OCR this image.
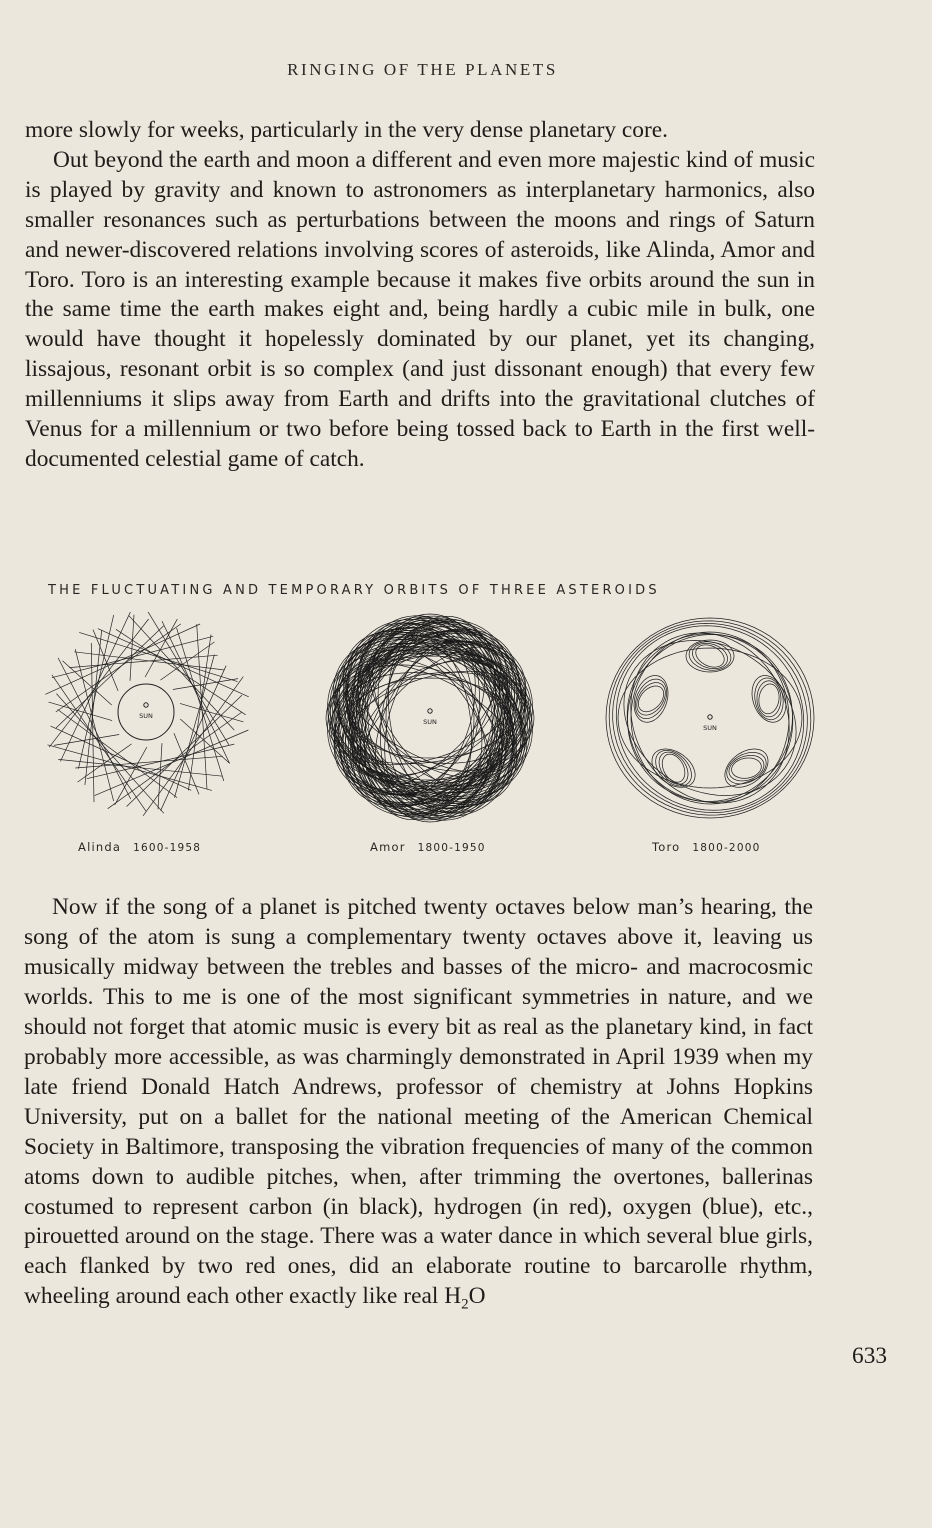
RINGING OF THE PLANETS

more slowly for weeks, particularly in the very dense planetary core.

Out beyond the earth and moon a different and even more majestic kind of music is played by gravity and known to astronomers as interplanetary harmonics, also smaller resonances such as perturbations between the moons and rings of Saturn and newer-discovered relations involving scores of asteroids, like Alinda, Amor and Toro. Toro is an interesting example because it makes five orbits around the sun in the same time the earth makes eight and, being hardly a cubic mile in bulk, one would have thought it hopelessly dominated by our planet, yet its changing, lissajous, resonant orbit is so complex (and just dissonant enough) that every few millenniums it slips away from Earth and drifts into the gravitational clutches of Venus for a millennium or two before being tossed back to Earth in the first well-documented celestial game of catch.

THE FLUCTUATING AND TEMPORARY ORBITS OF THREE ASTEROIDS
SUN
SUN
SUN
Alinda 1600-1958	Amor 1800-1950	Toro 1800-2000

Now if the song of a planet is pitched twenty octaves below man’s hearing, the song of the atom is sung a complementary twenty octaves above it, leaving us musically midway between the trebles and basses of the micro- and macrocosmic worlds. This to me is one of the most significant symmetries in nature, and we should not forget that atomic music is every bit as real as the planetary kind, in fact probably more accessible, as was charmingly demonstrated in April 1939 when my late friend Donald Hatch Andrews, professor of chemistry at Johns Hopkins University, put on a ballet for the national meeting of the American Chemical Society in Baltimore, transposing the vibration frequencies of many of the common atoms down to audible pitches, when, after trimming the overtones, ballerinas costumed to represent carbon (in black), hydrogen (in red), oxygen (blue), etc., pirouetted around on the stage. There was a water dance in which several blue girls, each flanked by two red ones, did an elaborate routine to barcarolle rhythm, wheeling around each other exactly like real $H_2O$

633
